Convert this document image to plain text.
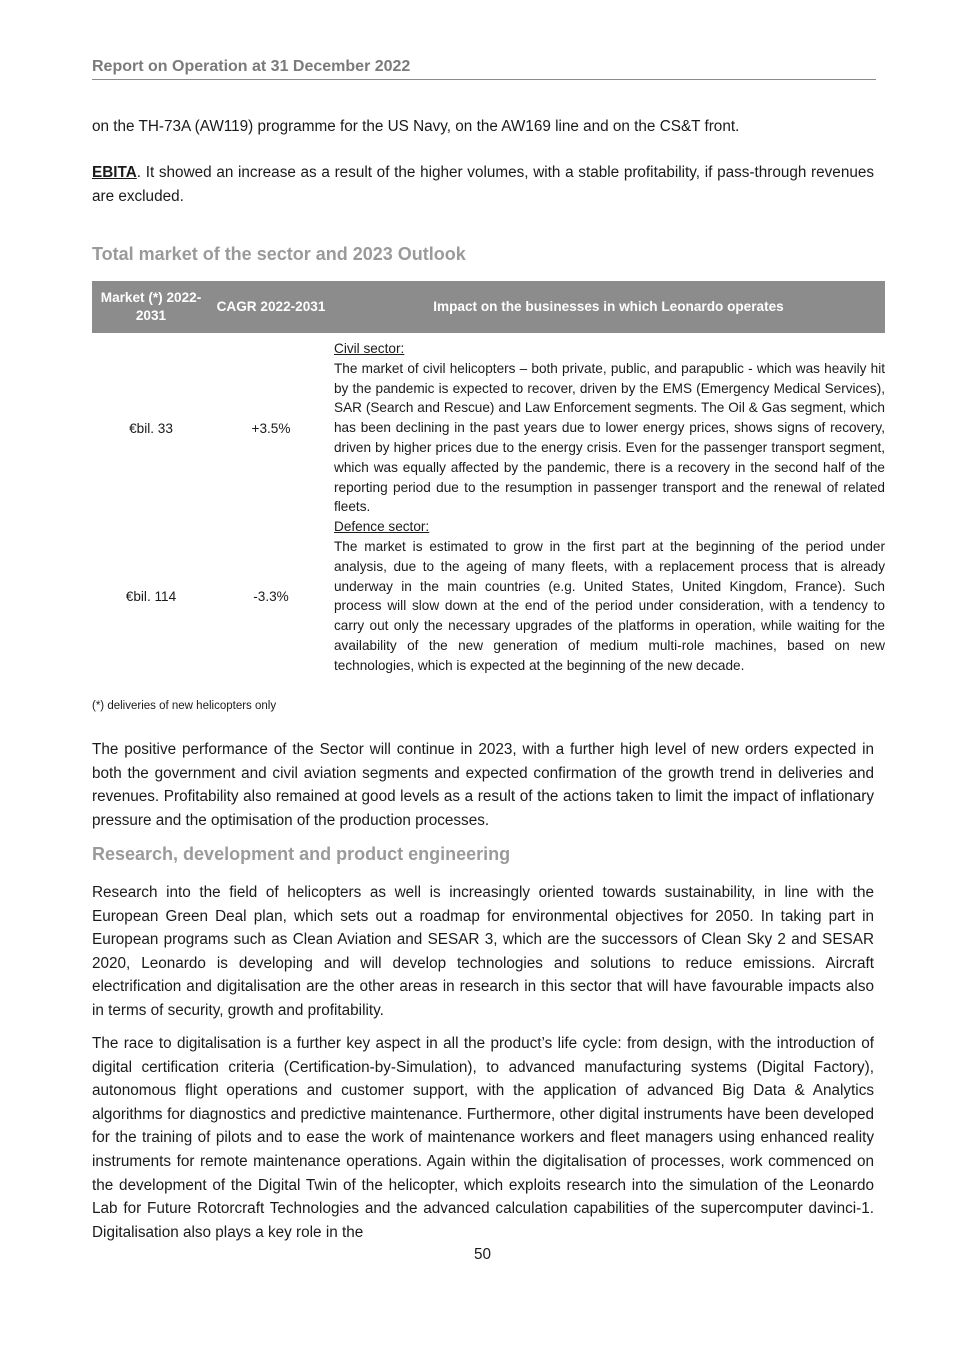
Report on Operation at 31 December 2022

on the TH-73A (AW119) programme for the US Navy, on the AW169 line and on the CS&T front.

EBITA. It showed an increase as a result of the higher volumes, with a stable profitability, if pass-through revenues are excluded.

Total market of the sector and 2023 Outlook
Market (*) 2022-2031	CAGR 2022-2031	Impact on the businesses in which Leonardo operates
€bil. 33	+3.5%	Civil sector:
The market of civil helicopters – both private, public, and parapublic - which was heavily hit by the pandemic is expected to recover, driven by the EMS (Emergency Medical Services), SAR (Search and Rescue) and Law Enforcement segments. The Oil & Gas segment, which has been declining in the past years due to lower energy prices, shows signs of recovery, driven by higher prices due to the energy crisis. Even for the passenger transport segment, which was equally affected by the pandemic, there is a recovery in the second half of the reporting period due to the resumption in passenger transport and the renewal of related fleets.
€bil. 114	-3.3%	Defence sector:
The market is estimated to grow in the first part at the beginning of the period under analysis, due to the ageing of many fleets, with a replacement process that is already underway in the main countries (e.g. United States, United Kingdom, France). Such process will slow down at the end of the period under consideration, with a tendency to carry out only the necessary upgrades of the platforms in operation, while waiting for the availability of the new generation of medium multi-role machines, based on new technologies, which is expected at the beginning of the new decade.

(*) deliveries of new helicopters only

The positive performance of the Sector will continue in 2023, with a further high level of new orders expected in both the government and civil aviation segments and expected confirmation of the growth trend in deliveries and revenues. Profitability also remained at good levels as a result of the actions taken to limit the impact of inflationary pressure and the optimisation of the production processes.

Research, development and product engineering

Research into the field of helicopters as well is increasingly oriented towards sustainability, in line with the European Green Deal plan, which sets out a roadmap for environmental objectives for 2050. In taking part in European programs such as Clean Aviation and SESAR 3, which are the successors of Clean Sky 2 and SESAR 2020, Leonardo is developing and will develop technologies and solutions to reduce emissions. Aircraft electrification and digitalisation are the other areas in research in this sector that will have favourable impacts also in terms of security, growth and profitability.

The race to digitalisation is a further key aspect in all the product’s life cycle: from design, with the introduction of digital certification criteria (Certification-by-Simulation), to advanced manufacturing systems (Digital Factory), autonomous flight operations and customer support, with the application of advanced Big Data & Analytics algorithms for diagnostics and predictive maintenance. Furthermore, other digital instruments have been developed for the training of pilots and to ease the work of maintenance workers and fleet managers using enhanced reality instruments for remote maintenance operations. Again within the digitalisation of processes, work commenced on the development of the Digital Twin of the helicopter, which exploits research into the simulation of the Leonardo Lab for Future Rotorcraft Technologies and the advanced calculation capabilities of the supercomputer davinci-1. Digitalisation also plays a key role in the

50
